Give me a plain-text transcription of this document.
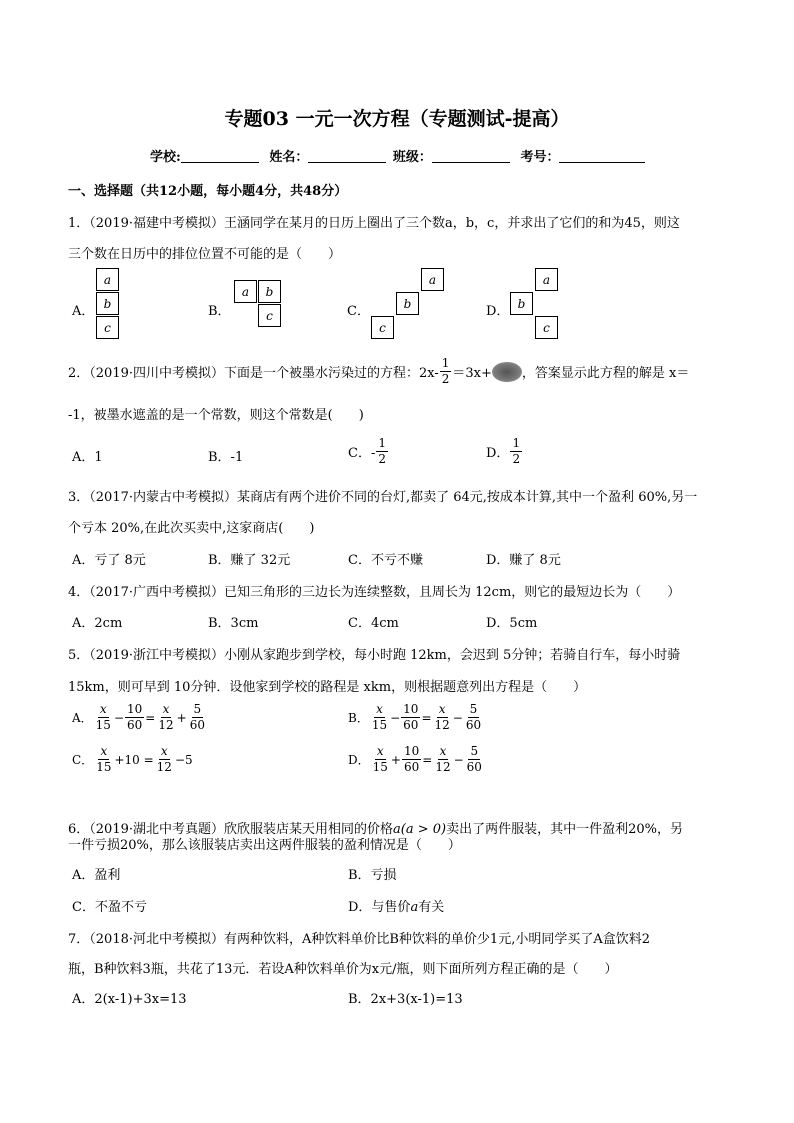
专题03 一元一次方程（专题测试-提高）
学校:	姓名：	班级：	考号：
一、选择题（共12小题，每小题4分，共48分）
1．（2019·福建中考模拟）王涵同学在某月的日历上圈出了三个数a，b，c，并求出了它们的和为45，则这
三个数在日历中的排位位置不可能的是（　　）
A．
a
b
c
B．
a	b
c	C．
a
b
c
D．
a
b
c
2．（2019·四川中考模拟）下面是一个被墨水污染过的方程：$2x- \frac{1}{2} =3x+$ ，答案显示此方程的解是 x＝
-1，被墨水遮盖的是一个常数，则这个常数是(　　)
A．1	B．-1	C．- $\frac{1}{2}$	D． $\frac{1}{2}$
3．（2017·内蒙古中考模拟）某商店有两个进价不同的台灯,都卖了 64元,按成本计算,其中一个盈利 60%,另一
个亏本 20%,在此次买卖中,这家商店(　　)
A．亏了 8元	B．赚了 32元	C．不亏不赚	D．赚了 8元
4．（2017·广西中考模拟）已知三角形的三边长为连续整数，且周长为 12cm，则它的最短边长为（　　）
A．2cm	B．3cm	C．4cm	D．5cm
5．（2019·浙江中考模拟）小刚从家跑步到学校，每小时跑 12km，会迟到 5分钟；若骑自行车，每小时骑
15km，则可早到 10分钟．设他家到学校的路程是 xkm，则根据题意列出方程是（　　）
A． $\frac{x}{15} - \frac{10}{60} = \frac{x}{12} + \frac{5}{60}$	B． $\frac{x}{15} - \frac{10}{60} = \frac{x}{12} - \frac{5}{60}$
C． $\frac{x}{15} +10 = \frac{x}{12} -5$	D． $\frac{x}{15} + \frac{10}{60} = \frac{x}{12} - \frac{5}{60}$
6．（2019·湖北中考真题）欣欣服装店某天用相同的价格a(a > 0)卖出了两件服装，其中一件盈利20%，另
一件亏损20%，那么该服装店卖出这两件服装的盈利情况是（　　）
A．盈利	B．亏损
C．不盈不亏	D．与售价a有关
7．（2018·河北中考模拟）有两种饮料，A种饮料单价比B种饮料的单价少1元,小明同学买了A盒饮料2
瓶，B种饮料3瓶，共花了13元．若设A种饮料单价为x元/瓶，则下面所列方程正确的是（　　）
A．2(x-1)+3x=13	B．2x+3(x-1)=13
